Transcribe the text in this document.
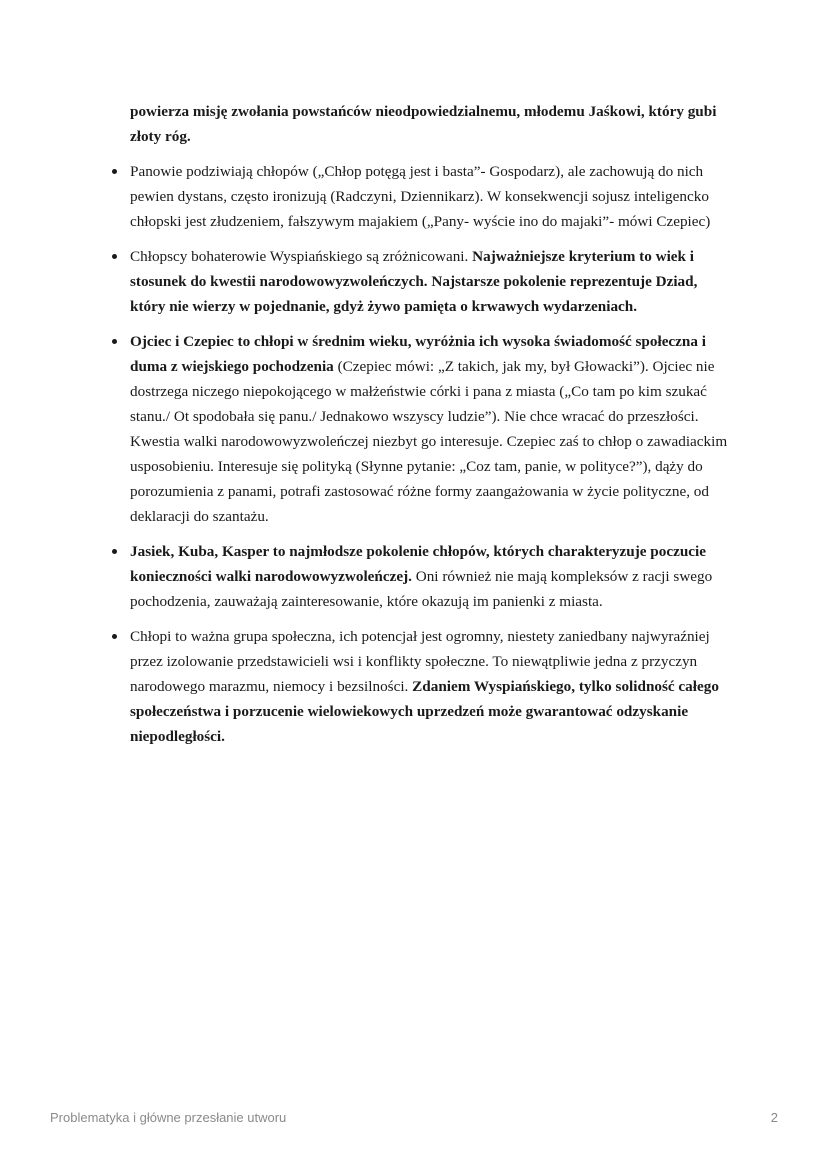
powierza misję zwołania powstańców nieodpowiedzialnemu, młodemu Jaśkowi, który gubi złoty róg.

Panowie podziwiają chłopów („Chłop potęgą jest i basta”- Gospodarz), ale zachowują do nich pewien dystans, często ironizują (Radczyni, Dziennikarz). W konsekwencji sojusz inteligencko chłopski jest złudzeniem, fałszywym majakiem („Pany- wyście ino do majaki”- mówi Czepiec)
Chłopscy bohaterowie Wyspiańskiego są zróżnicowani. Najważniejsze kryterium to wiek i stosunek do kwestii narodowowyzwoleńczych. Najstarsze pokolenie reprezentuje Dziad, który nie wierzy w pojednanie, gdyż żywo pamięta o krwawych wydarzeniach.
Ojciec i Czepiec to chłopi w średnim wieku, wyróżnia ich wysoka świadomość społeczna i duma z wiejskiego pochodzenia (Czepiec mówi: „Z takich, jak my, był Głowacki”). Ojciec nie dostrzega niczego niepokojącego w małżeństwie córki i pana z miasta („Co tam po kim szukać stanu./ Ot spodobała się panu./ Jednakowo wszyscy ludzie”). Nie chce wracać do przeszłości. Kwestia walki narodowowyzwoleńczej niezbyt go interesuje. Czepiec zaś to chłop o zawadiackim usposobieniu. Interesuje się polityką (Słynne pytanie: „Coz tam, panie, w polityce?”), dąży do porozumienia z panami, potrafi zastosować różne formy zaangażowania w życie polityczne, od deklaracji do szantażu.
Jasiek, Kuba, Kasper to najmłodsze pokolenie chłopów, których charakteryzuje poczucie konieczności walki narodowowyzwoleńczej. Oni również nie mają kompleksów z racji swego pochodzenia, zauważają zainteresowanie, które okazują im panienki z miasta.
Chłopi to ważna grupa społeczna, ich potencjał jest ogromny, niestety zaniedbany najwyraźniej przez izolowanie przedstawicieli wsi i konflikty społeczne. To niewątpliwie jedna z przyczyn narodowego marazmu, niemocy i bezsilności. Zdaniem Wyspiańskiego, tylko solidność całego społeczeństwa i porzucenie wielowiekowych uprzedzeń może gwarantować odzyskanie niepodległości.
Problematyka i główne przesłanie utworu	2
